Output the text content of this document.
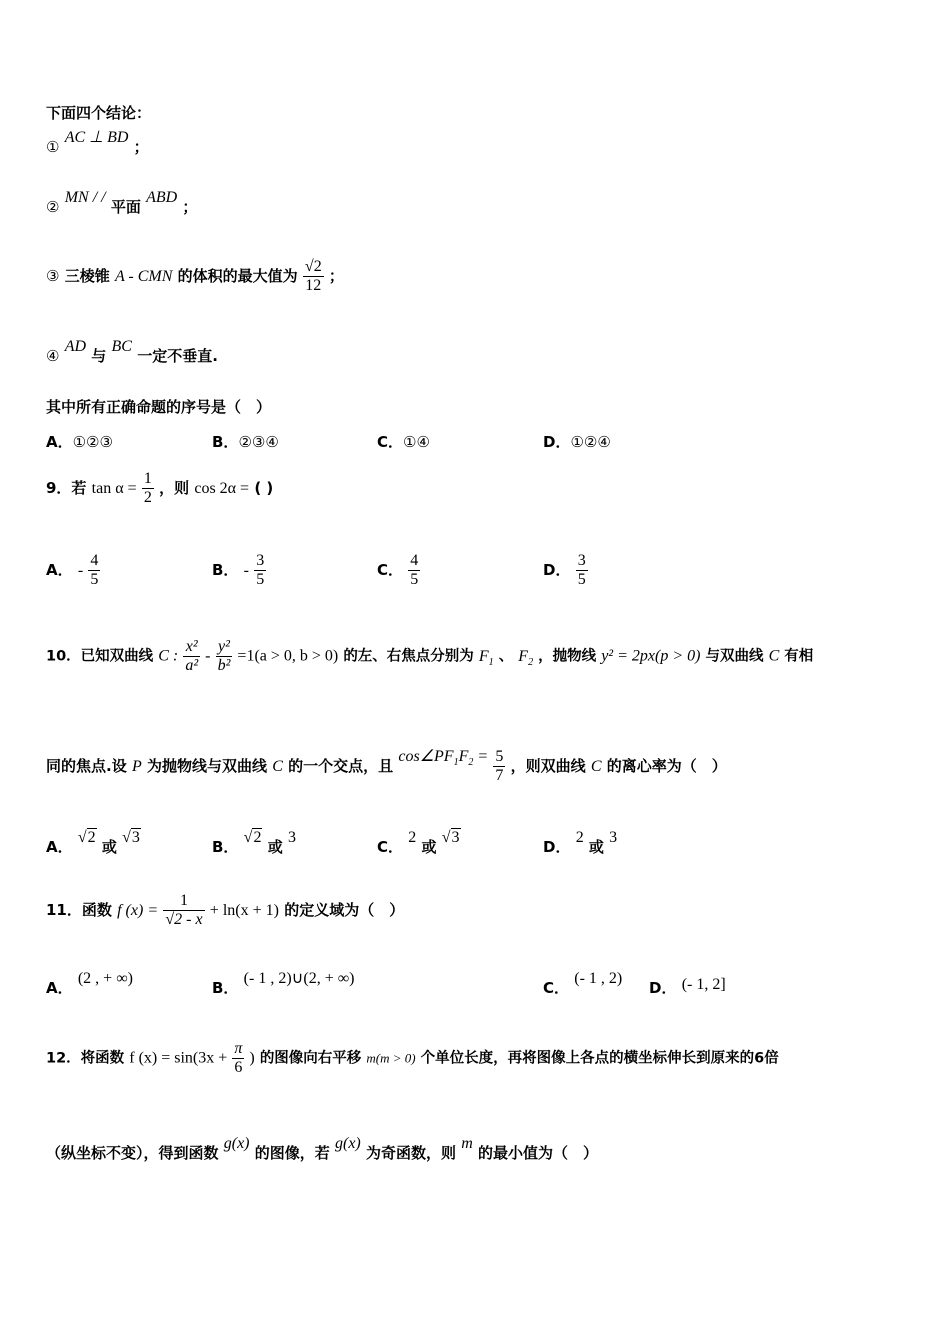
下面四个结论：
① AC ⊥ BD ；
② MN / / 平面 ABD ；
③ 三棱锥 A - CMN 的体积的最大值为 $\frac{√2}{12}$ ；
④ AD 与 BC 一定不垂直.
其中所有正确命题的序号是（　）
A．①②③	B．②③④	C．①④	D．①②④
9．若 $\tan \alpha = \frac{1}{2}$ ，则 cos 2α = ( )
A． - $\frac{4}{5}$	B． - $\frac{3}{5}$	C． $\frac{4}{5}$	D． $\frac{3}{5}$
10．已知双曲线 C : $\frac{\text{x²}}{\text{a²}} - \frac{\text{y²}}{\text{b²}} =1(a > 0$, b > 0) 的左、右焦点分别为 $F_1$ 、 $F_2$ ，抛物线 y² = 2px(p > 0) 与双曲线 C 有相
同的焦点.设 P 为抛物线与双曲线 C 的一个交点，且 $\cos\angle PF_1F_2 = \frac{5}{7}$ ，则双曲线 C 的离心率为（　）
A． √2 或 √3
B． √2 或 3
C． 2 或 √3
D． 2 或 3
11．函数 f $(x) = \frac{1}{√2 - x} + \ln(x + 1)$ 的定义域为（　）
A． (2 , + ∞)
B． (- 1 , 2)∪(2, + ∞)
C． (- 1 , 2)
D． (- 1, 2]
12．将函数 f $(x) = \sin(3x + \frac{\pi}{6}$ ) 的图像向右平移 m(m > 0) 个单位长度，再将图像上各点的横坐标伸长到原来的6倍
（纵坐标不变），得到函数 g(x) 的图像，若 g(x) 为奇函数，则 m 的最小值为（　）
